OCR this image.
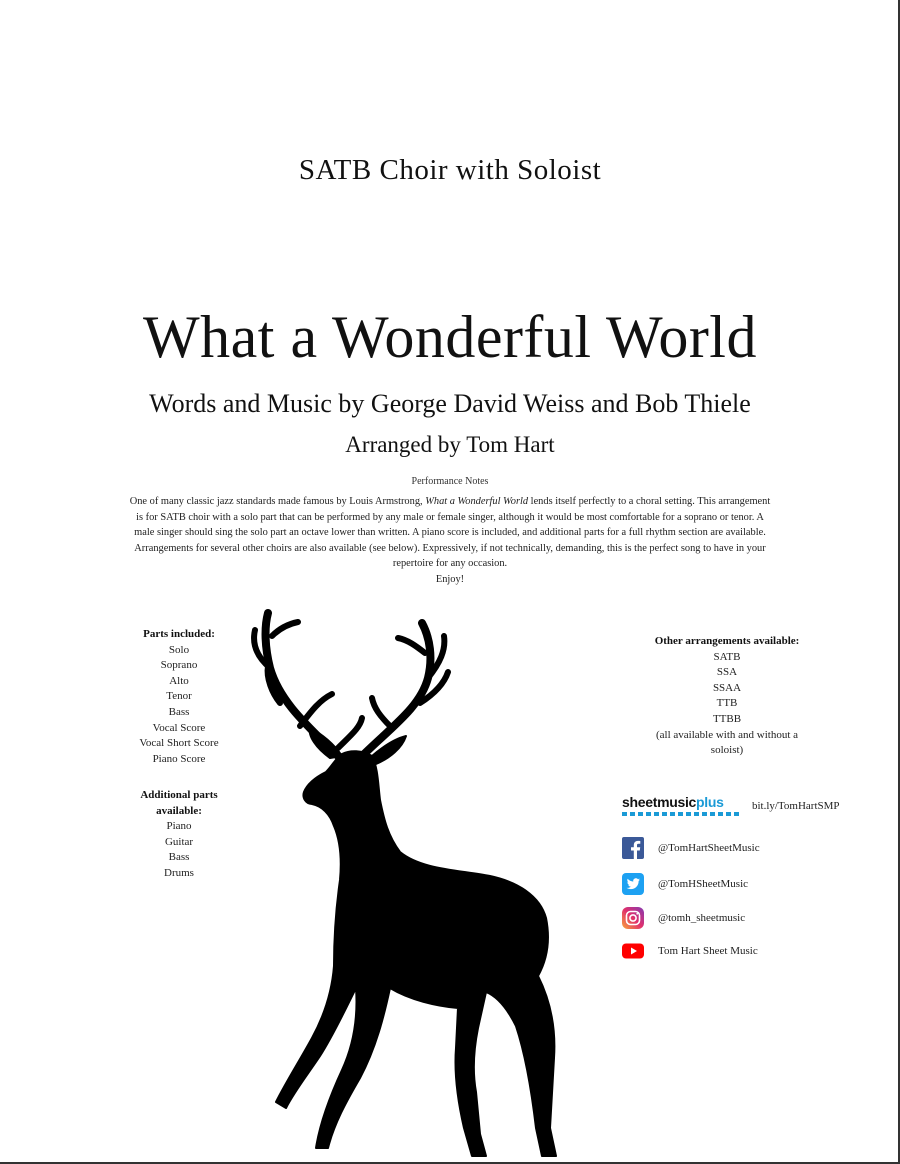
SATB Choir with Soloist
What a Wonderful World
Words and Music by George David Weiss and Bob Thiele
Arranged by Tom Hart
Performance Notes
One of many classic jazz standards made famous by Louis Armstrong, What a Wonderful World lends itself perfectly to a choral setting. This arrangement is for SATB choir with a solo part that can be performed by any male or female singer, although it would be most comfortable for a soprano or tenor. A male singer should sing the solo part an octave lower than written. A piano score is included, and additional parts for a full rhythm section are available. Arrangements for several other choirs are also available (see below). Expressively, if not technically, demanding, this is the perfect song to have in your repertoire for any occasion.
Enjoy!
Parts included:
Solo
Soprano
Alto
Tenor
Bass
Vocal Score
Vocal Short Score
Piano Score
Additional parts
available:
Piano
Guitar
Bass
Drums
Other arrangements available:
SATB
SSA
SSAA
TTB
TTBB
(all available with and without a
soloist)
sheetmusicplus	bit.ly/TomHartSMP
@TomHartSheetMusic
@TomHSheetMusic
@tomh_sheetmusic
Tom Hart Sheet Music
